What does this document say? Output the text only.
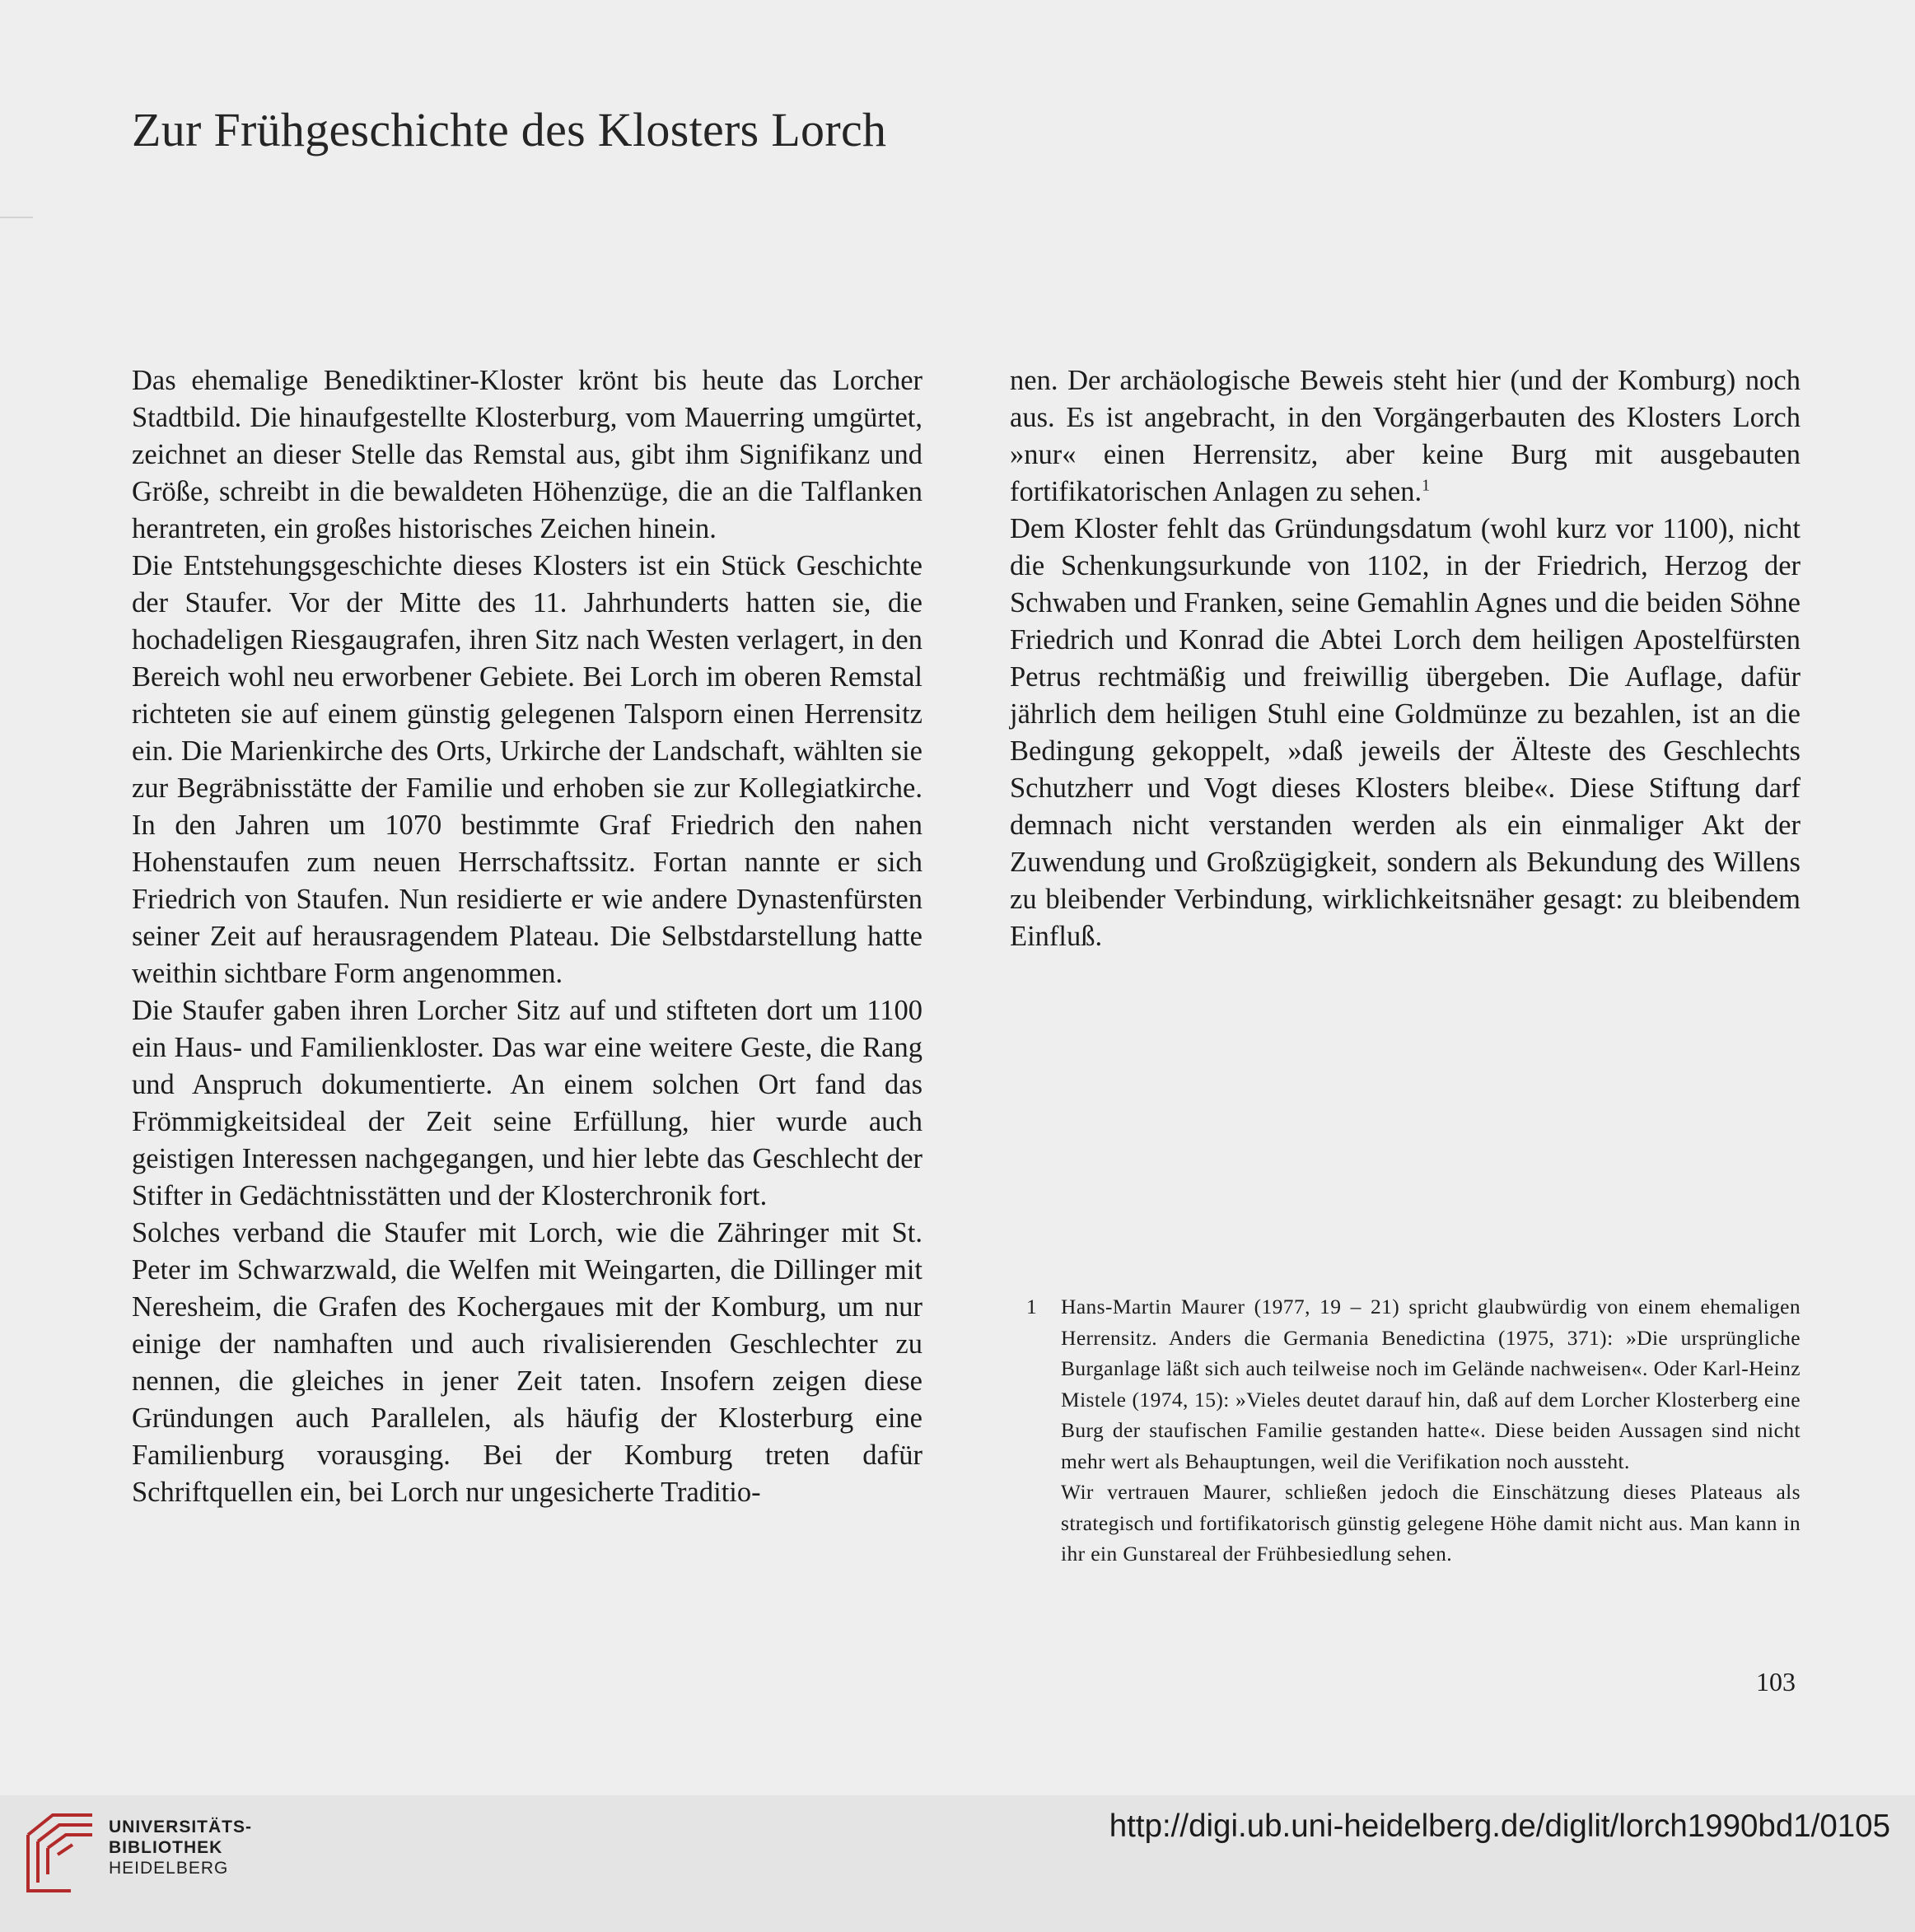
Zur Frühgeschichte des Klosters Lorch

Das ehemalige Benediktiner-Kloster krönt bis heute das Lorcher Stadtbild. Die hinaufgestellte Klosterburg, vom Mauerring umgürtet, zeichnet an dieser Stelle das Remstal aus, gibt ihm Signifikanz und Größe, schreibt in die bewaldeten Höhenzüge, die an die Talflanken herantreten, ein großes historisches Zeichen hinein.

Die Entstehungsgeschichte dieses Klosters ist ein Stück Geschichte der Staufer. Vor der Mitte des 11. Jahrhunderts hatten sie, die hochadeligen Riesgaugrafen, ihren Sitz nach Westen verlagert, in den Bereich wohl neu erworbener Gebiete. Bei Lorch im oberen Remstal richteten sie auf einem günstig gelegenen Talsporn einen Herrensitz ein. Die Marienkirche des Orts, Urkirche der Landschaft, wählten sie zur Begräbnisstätte der Familie und erhoben sie zur Kollegiatkirche. In den Jahren um 1070 bestimmte Graf Friedrich den nahen Hohenstaufen zum neuen Herrschaftssitz. Fortan nannte er sich Friedrich von Staufen. Nun residierte er wie andere Dynastenfürsten seiner Zeit auf herausragendem Plateau. Die Selbstdarstellung hatte weithin sichtbare Form angenommen.

Die Staufer gaben ihren Lorcher Sitz auf und stifteten dort um 1100 ein Haus- und Familienkloster. Das war eine weitere Geste, die Rang und Anspruch dokumentierte. An einem solchen Ort fand das Frömmigkeitsideal der Zeit seine Erfüllung, hier wurde auch geistigen Interessen nachgegangen, und hier lebte das Geschlecht der Stifter in Gedächtnisstätten und der Klosterchronik fort.

Solches verband die Staufer mit Lorch, wie die Zähringer mit St. Peter im Schwarzwald, die Welfen mit Weingarten, die Dillinger mit Neresheim, die Grafen des Kochergaues mit der Komburg, um nur einige der namhaften und auch rivalisierenden Geschlechter zu nennen, die gleiches in jener Zeit taten. Insofern zeigen diese Gründungen auch Parallelen, als häufig der Klosterburg eine Familienburg vorausging. Bei der Komburg treten dafür Schriftquellen ein, bei Lorch nur ungesicherte Traditio-

nen. Der archäologische Beweis steht hier (und der Komburg) noch aus. Es ist angebracht, in den Vorgängerbauten des Klosters Lorch »nur« einen Herrensitz, aber keine Burg mit ausgebauten fortifikatorischen Anlagen zu sehen.$^1$

Dem Kloster fehlt das Gründungsdatum (wohl kurz vor 1100), nicht die Schenkungsurkunde von 1102, in der Friedrich, Herzog der Schwaben und Franken, seine Gemahlin Agnes und die beiden Söhne Friedrich und Konrad die Abtei Lorch dem heiligen Apostelfürsten Petrus rechtmäßig und freiwillig übergeben. Die Auflage, dafür jährlich dem heiligen Stuhl eine Goldmünze zu bezahlen, ist an die Bedingung gekoppelt, »daß jeweils der Älteste des Geschlechts Schutzherr und Vogt dieses Klosters bleibe«. Diese Stiftung darf demnach nicht verstanden werden als ein einmaliger Akt der Zuwendung und Großzügigkeit, sondern als Bekundung des Willens zu bleibender Verbindung, wirklichkeitsnäher gesagt: zu bleibendem Einfluß.

1 Hans-Martin Maurer (1977, 19 – 21) spricht glaubwürdig von einem ehemaligen Herrensitz. Anders die Germania Benedictina (1975, 371): »Die ursprüngliche Burganlage läßt sich auch teilweise noch im Gelände nachweisen«. Oder Karl-Heinz Mistele (1974, 15): »Vieles deutet darauf hin, daß auf dem Lorcher Klosterberg eine Burg der staufischen Familie gestanden hatte«. Diese beiden Aussagen sind nicht mehr wert als Behauptungen, weil die Verifikation noch aussteht.

Wir vertrauen Maurer, schließen jedoch die Einschätzung dieses Plateaus als strategisch und fortifikatorisch günstig gelegene Höhe damit nicht aus. Man kann in ihr ein Gunstareal der Frühbesiedlung sehen.

103
UNIVERSITÄTS-
BIBLIOTHEK
HEIDELBERG
http://digi.ub.uni-heidelberg.de/diglit/lorch1990bd1/0105
